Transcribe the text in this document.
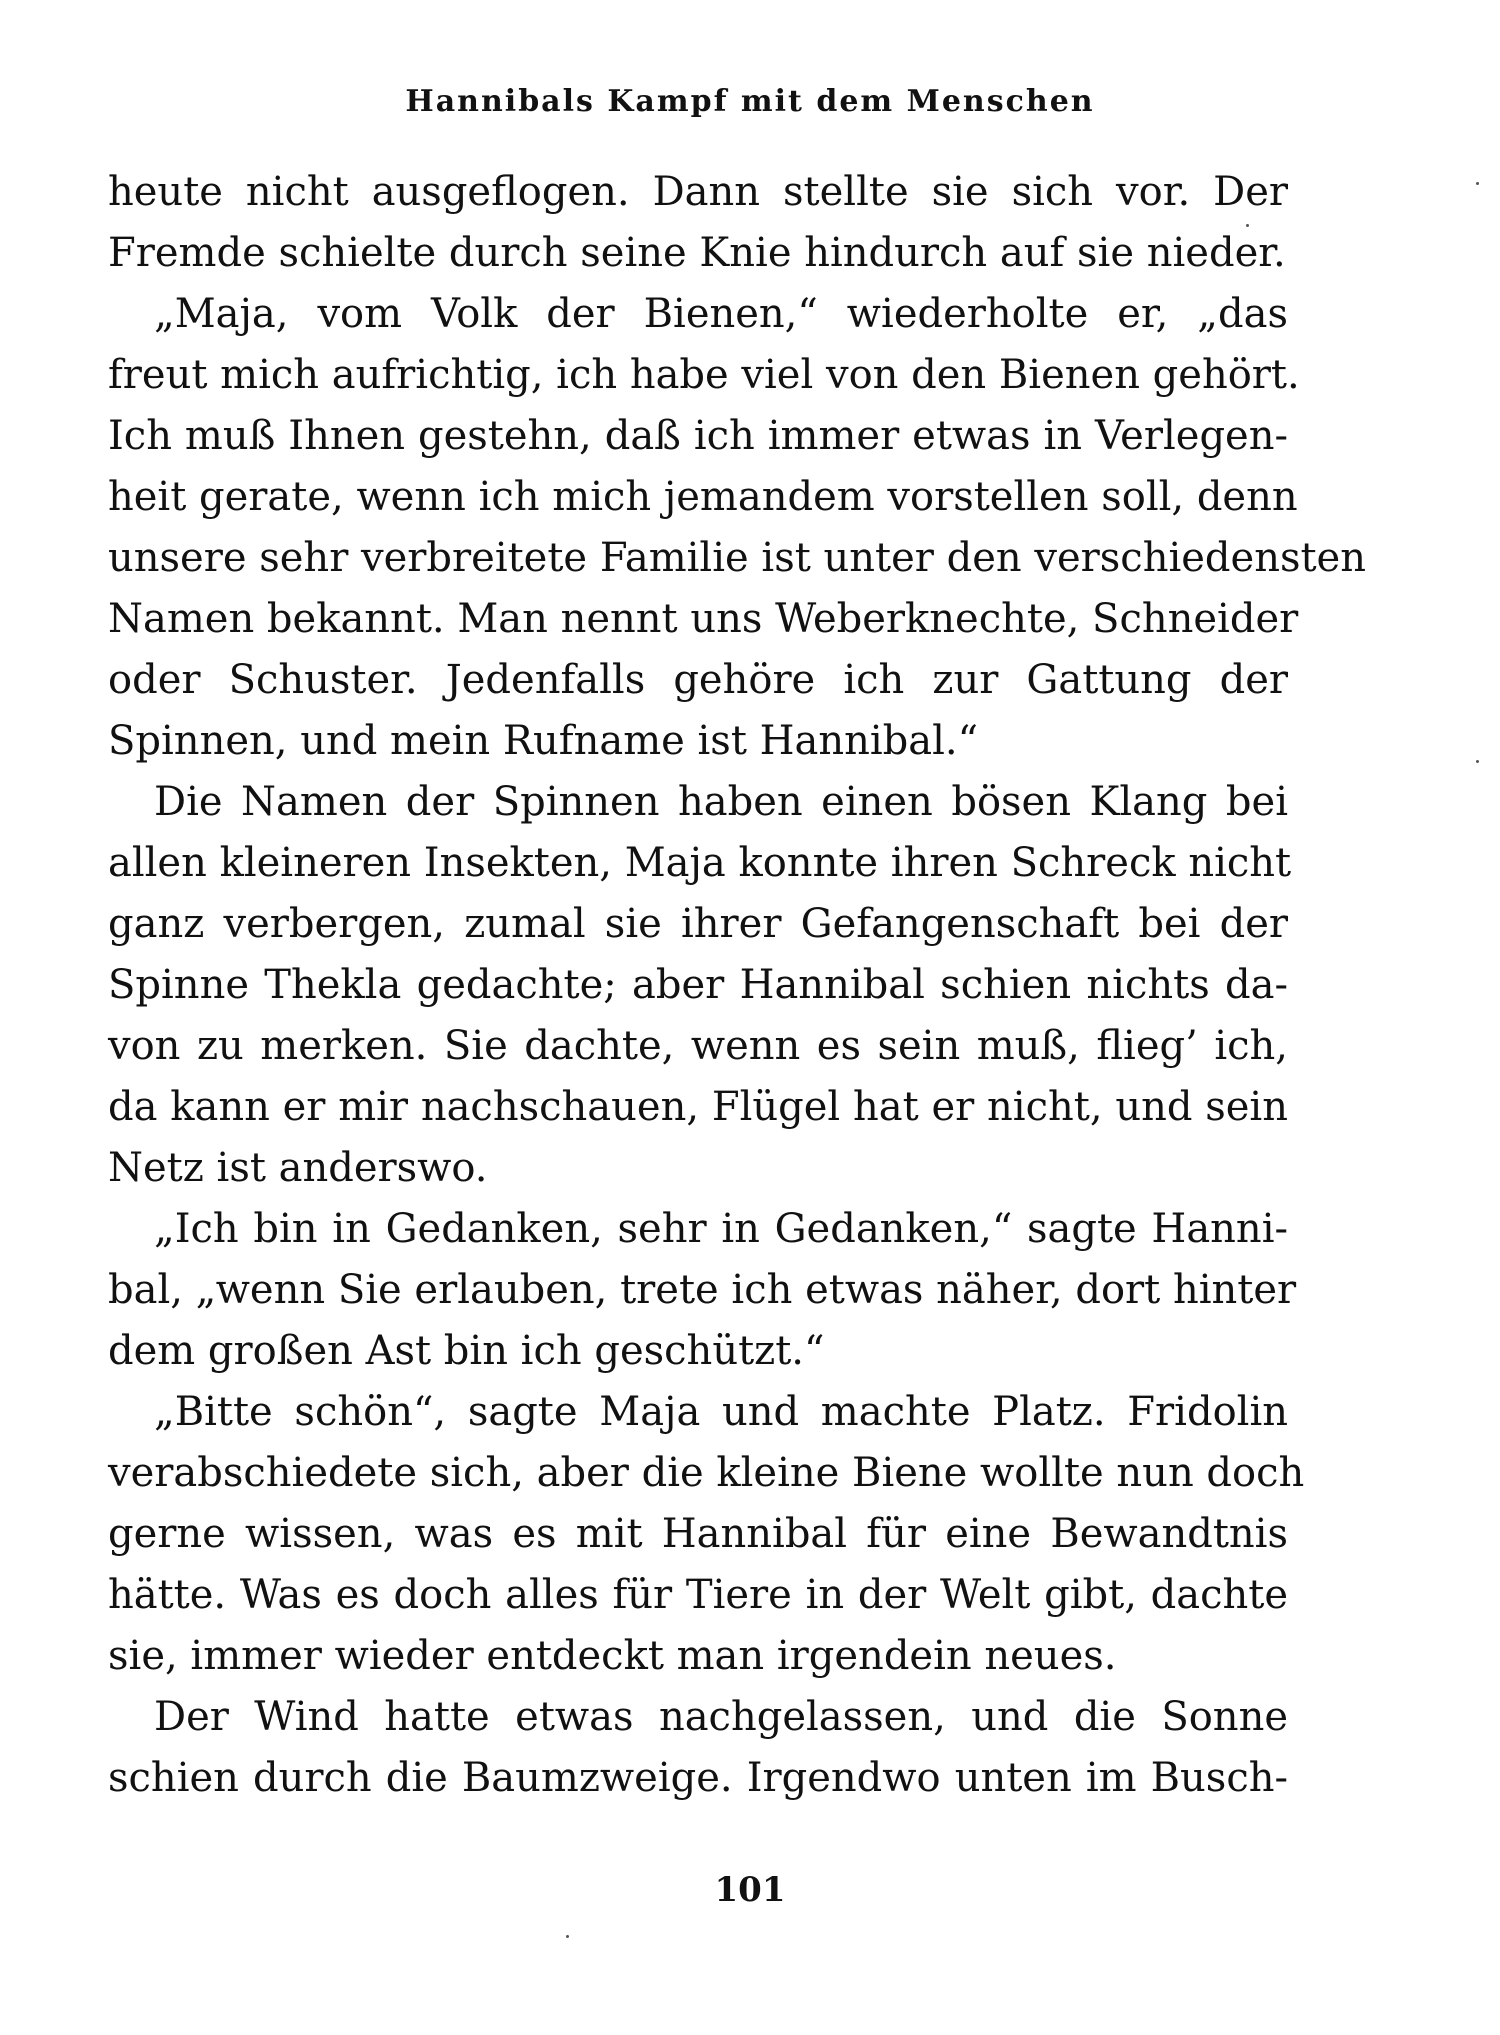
Hannibals Kampf mit dem Menschen
heute nicht ausgeflogen. Dann stellte sie sich vor. Der
Fremde schielte durch seine Knie hindurch auf sie nieder.
„Maja, vom Volk der Bienen,“ wiederholte er, „das
freut mich aufrichtig, ich habe viel von den Bienen gehört.
Ich muß Ihnen gestehn, daß ich immer etwas in Verlegen-
heit gerate, wenn ich mich jemandem vorstellen soll, denn
unsere sehr verbreitete Familie ist unter den verschiedensten
Namen bekannt. Man nennt uns Weberknechte, Schneider
oder Schuster. Jedenfalls gehöre ich zur Gattung der
Spinnen, und mein Rufname ist Hannibal.“
Die Namen der Spinnen haben einen bösen Klang bei
allen kleineren Insekten, Maja konnte ihren Schreck nicht
ganz verbergen, zumal sie ihrer Gefangenschaft bei der
Spinne Thekla gedachte; aber Hannibal schien nichts da-
von zu merken. Sie dachte, wenn es sein muß, flieg’ ich,
da kann er mir nachschauen, Flügel hat er nicht, und sein
Netz ist anderswo.
„Ich bin in Gedanken, sehr in Gedanken,“ sagte Hanni-
bal, „wenn Sie erlauben, trete ich etwas näher, dort hinter
dem großen Ast bin ich geschützt.“
„Bitte schön“, sagte Maja und machte Platz. Fridolin
verabschiedete sich, aber die kleine Biene wollte nun doch
gerne wissen, was es mit Hannibal für eine Bewandtnis
hätte. Was es doch alles für Tiere in der Welt gibt, dachte
sie, immer wieder entdeckt man irgendein neues.
Der Wind hatte etwas nachgelassen, und die Sonne
schien durch die Baumzweige. Irgendwo unten im Busch-
101
